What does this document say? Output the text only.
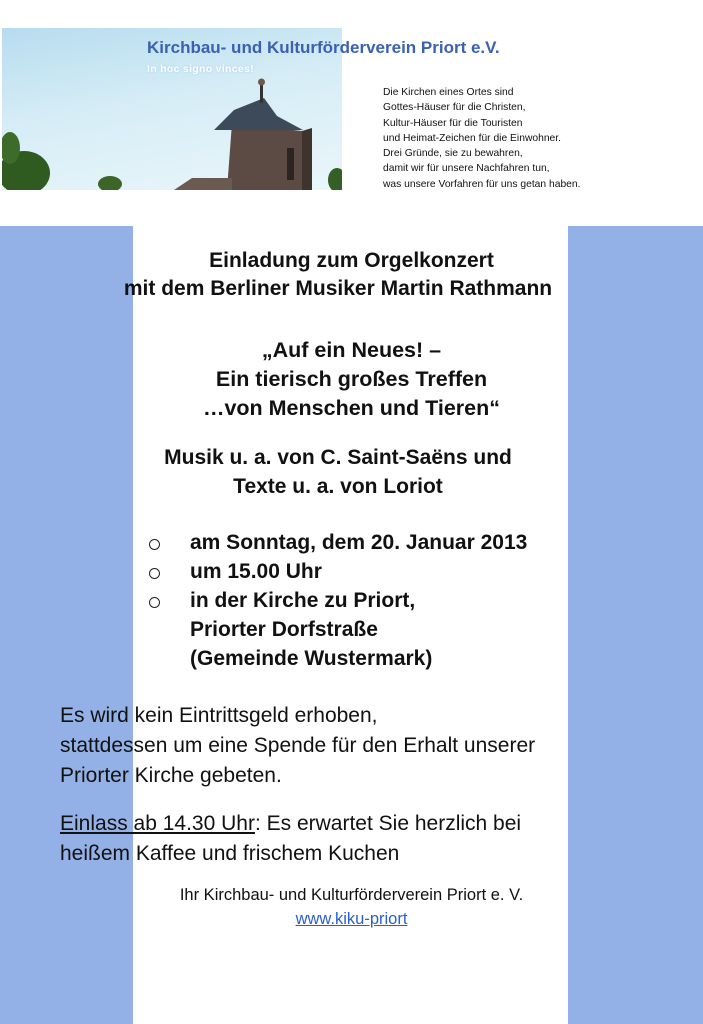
Kirchbau- und Kulturförderverein Priort e.V.

In hoc signo vinces!

Die Kirchen eines Ortes sind
Gottes-Häuser für die Christen,
Kultur-Häuser für die Touristen
und Heimat-Zeichen für die Einwohner.
Drei Gründe, sie zu bewahren,
damit wir für unsere Nachfahren tun,
was unsere Vorfahren für uns getan haben.

Einladung zum Orgelkonzert

mit dem Berliner Musiker Martin Rathmann

„Auf ein Neues! –
Ein tierisch großes Treffen
…von Menschen und Tieren“
Musik u. a. von C. Saint-Saëns und
Texte u. a. von Loriot
am Sonntag, dem 20. Januar 2013
um 15.00 Uhr
in der Kirche zu Priort,
Priorter Dorfstraße
(Gemeinde Wustermark)
Es wird kein Eintrittsgeld erhoben,
stattdessen um eine Spende für den Erhalt unserer
Priorter Kirche gebeten.
Einlass ab 14.30 Uhr: Es erwartet Sie herzlich bei
heißem Kaffee und frischem Kuchen

Ihr Kirchbau- und Kulturförderverein Priort e. V.

www.kiku-priort
